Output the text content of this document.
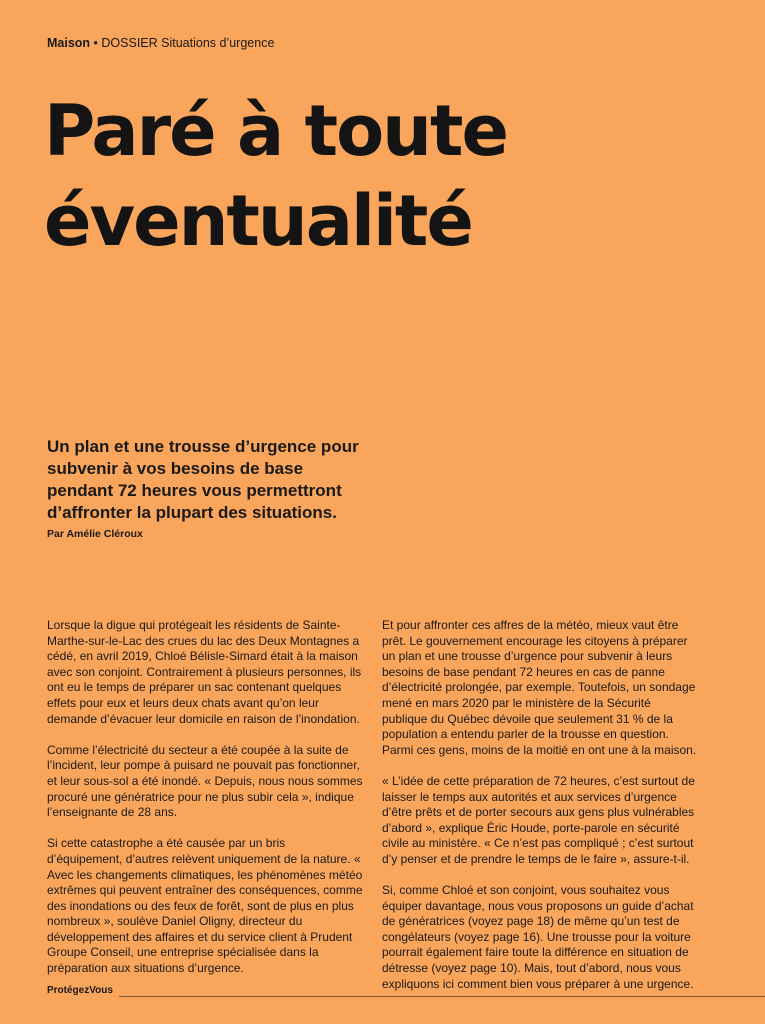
Maison • DOSSIER Situations d’urgence
Paré à toute
éventualité

Un plan et une trousse d’urgence pour subvenir à vos besoins de base pendant 72 heures vous permettront d’affronter la plupart des situations.

Par Amélie Cléroux

Lorsque la digue qui protégeait les résidents de Sainte-Marthe-sur-le-Lac des crues du lac des Deux Montagnes a cédé, en avril 2019, Chloé Bélisle-Simard était à la maison avec son conjoint. Contrairement à plusieurs personnes, ils ont eu le temps de préparer un sac contenant quelques effets pour eux et leurs deux chats avant qu’on leur demande d’évacuer leur domicile en raison de l’inondation.

Comme l’électricité du secteur a été coupée à la suite de l’incident, leur pompe à puisard ne pouvait pas fonctionner, et leur sous-sol a été inondé. « Depuis, nous nous sommes procuré une génératrice pour ne plus subir cela », indique l’enseignante de 28 ans.

Si cette catastrophe a été causée par un bris d’équipement, d’autres relèvent uniquement de la nature. « Avec les changements climatiques, les phénomènes météo extrêmes qui peuvent entraîner des conséquences, comme des inondations ou des feux de forêt, sont de plus en plus nombreux », soulève Daniel Oligny, directeur du développement des affaires et du service client à Prudent Groupe Conseil, une entreprise spécialisée dans la préparation aux situations d’urgence.

Et pour affronter ces affres de la météo, mieux vaut être prêt. Le gouvernement encourage les citoyens à préparer un plan et une trousse d’urgence pour subvenir à leurs besoins de base pendant 72 heures en cas de panne d’électricité prolongée, par exemple. Toutefois, un sondage mené en mars 2020 par le ministère de la Sécurité publique du Québec dévoile que seulement 31 % de la population a entendu parler de la trousse en question. Parmi ces gens, moins de la moitié en ont une à la maison.

« L’idée de cette préparation de 72 heures, c’est surtout de laisser le temps aux autorités et aux services d’urgence d’être prêts et de porter secours aux gens plus vulnérables d’abord », explique Éric Houde, porte-parole en sécurité civile au ministère. « Ce n’est pas compliqué ; c’est surtout d’y penser et de prendre le temps de le faire », assure-t-il.

Si, comme Chloé et son conjoint, vous souhaitez vous équiper davantage, nous vous proposons un guide d’achat de génératrices (voyez page 18) de même qu’un test de congélateurs (voyez page 16). Une trousse pour la voiture pourrait également faire toute la différence en situation de détresse (voyez page 10). Mais, tout d’abord, nous vous expliquons ici comment bien vous préparer à une urgence.

ProtégezVous
